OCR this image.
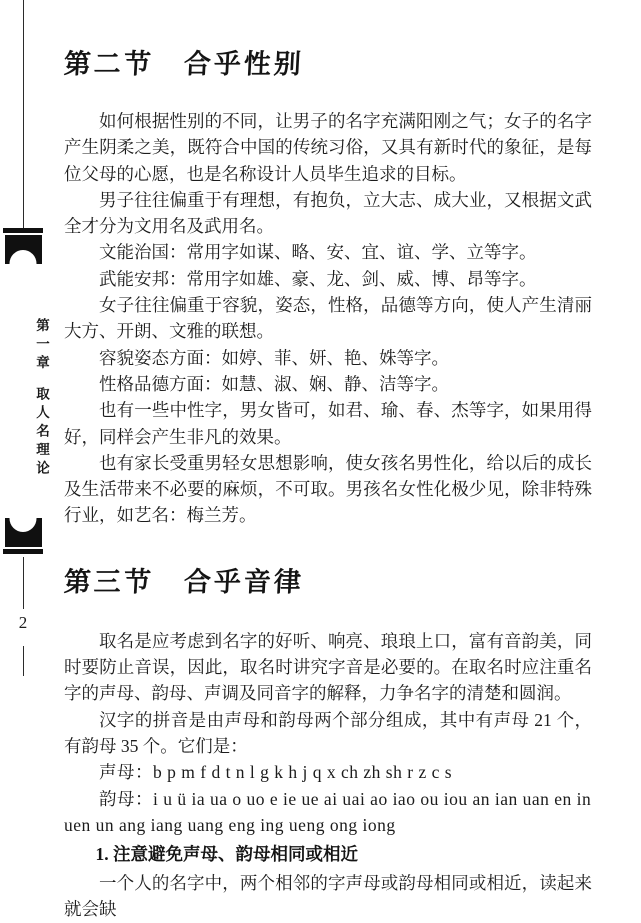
第一章取人名理论
2
第二节 合乎性别

如何根据性别的不同，让男子的名字充满阳刚之气；女子的名字产生阴柔之美，既符合中国的传统习俗，又具有新时代的象征，是每位父母的心愿，也是名称设计人员毕生追求的目标。

男子往往偏重于有理想，有抱负，立大志、成大业，又根据文武全才分为文用名及武用名。

文能治国：常用字如谋、略、安、宜、谊、学、立等字。

武能安邦：常用字如雄、豪、龙、剑、威、博、昂等字。

女子往往偏重于容貌，姿态，性格，品德等方向，使人产生清丽大方、开朗、文雅的联想。

容貌姿态方面：如婷、菲、妍、艳、姝等字。

性格品德方面：如慧、淑、娴、静、洁等字。

也有一些中性字，男女皆可，如君、瑜、春、杰等字，如果用得好，同样会产生非凡的效果。

也有家长受重男轻女思想影响，使女孩名男性化，给以后的成长及生活带来不必要的麻烦，不可取。男孩名女性化极少见，除非特殊行业，如艺名：梅兰芳。

第三节 合乎音律

取名是应考虑到名字的好听、响亮、琅琅上口，富有音韵美，同时要防止音误，因此，取名时讲究字音是必要的。在取名时应注重名字的声母、韵母、声调及同音字的解释，力争名字的清楚和圆润。

汉字的拼音是由声母和韵母两个部分组成，其中有声母 21 个，有韵母 35 个。它们是：

声母：b p m f d t n l g k h j q x ch zh sh r z c s

韵母：i u ü ia ua o uo e ie ue ai uai ao iao ou iou an ian uan en in uen un ang iang uang eng ing ueng ong iong

1. 注意避免声母、韵母相同或相近

一个人的名字中，两个相邻的字声母或韵母相同或相近，读起来就会缺
